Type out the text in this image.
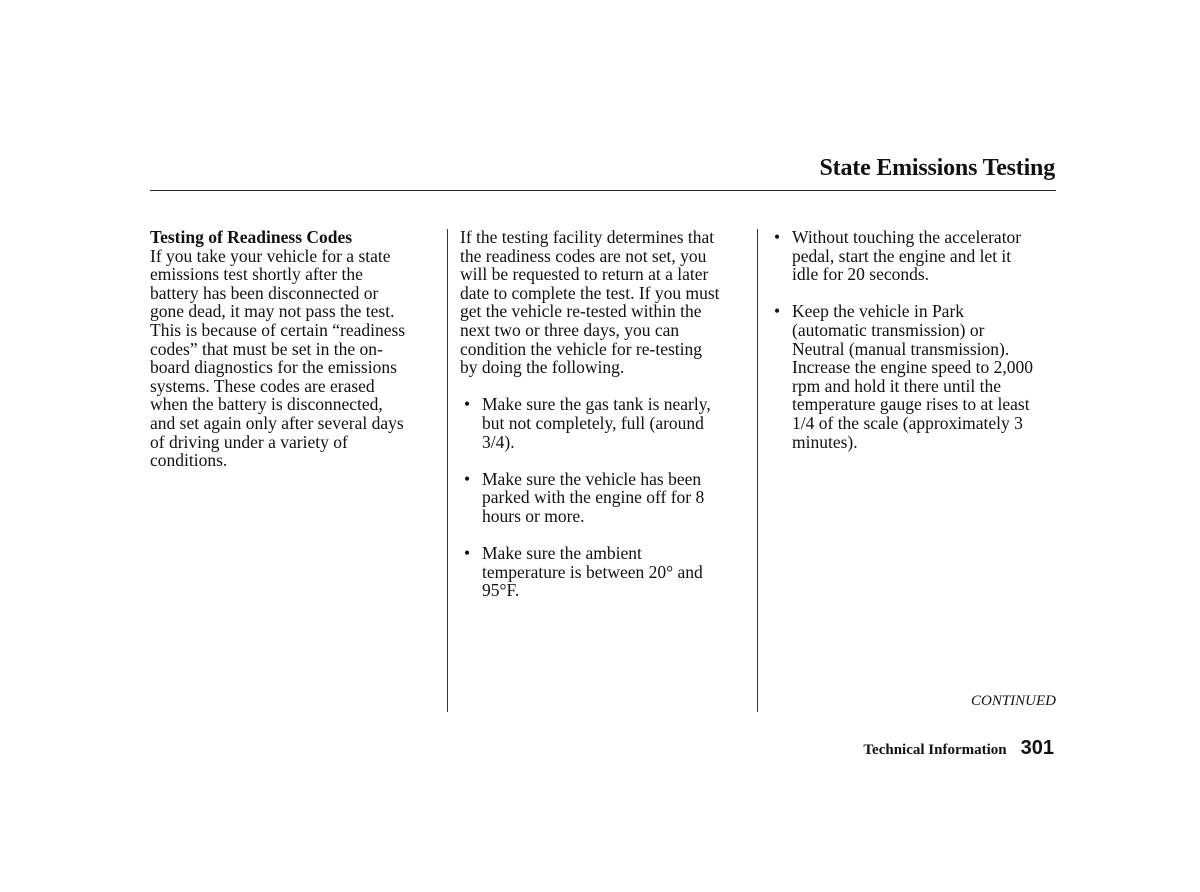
State Emissions Testing
Testing of Readiness Codes
If you take your vehicle for a state
emissions test shortly after the
battery has been disconnected or
gone dead, it may not pass the test.
This is because of certain “readiness
codes” that must be set in the on-
board diagnostics for the emissions
systems. These codes are erased
when the battery is disconnected,
and set again only after several days
of driving under a variety of
conditions.
If the testing facility determines that
the readiness codes are not set, you
will be requested to return at a later
date to complete the test. If you must
get the vehicle re-tested within the
next two or three days, you can
condition the vehicle for re-testing
by doing the following.
• Make sure the gas tank is nearly,
but not completely, full (around
3/4).
• Make sure the vehicle has been
parked with the engine off for 8
hours or more.
• Make sure the ambient
temperature is between 20° and
95°F.
• Without touching the accelerator
pedal, start the engine and let it
idle for 20 seconds.
• Keep the vehicle in Park
(automatic transmission) or
Neutral (manual transmission).
Increase the engine speed to 2,000
rpm and hold it there until the
temperature gauge rises to at least
1/4 of the scale (approximately 3
minutes).
CONTINUED
Technical Information 301
